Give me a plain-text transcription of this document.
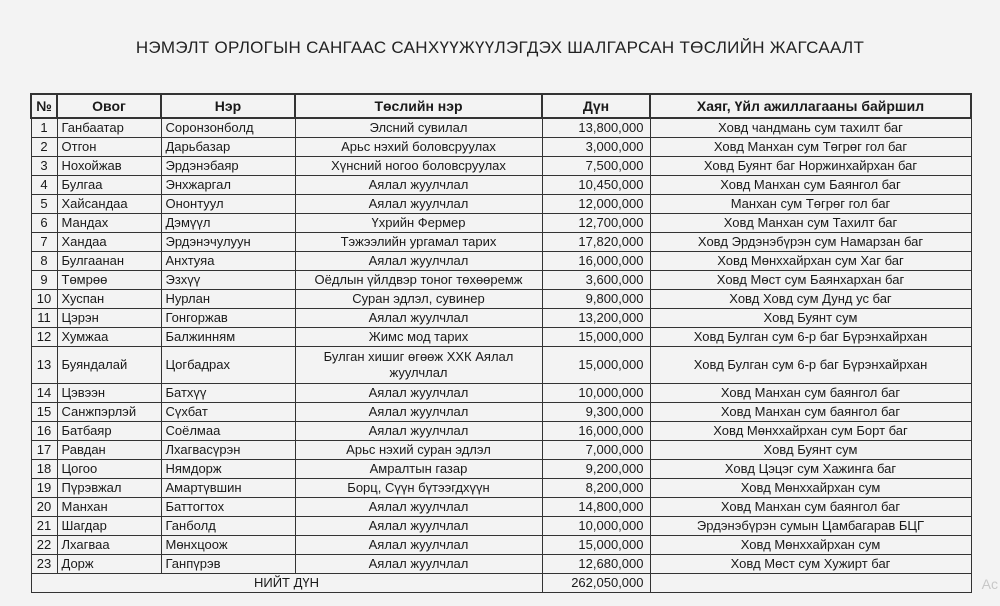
НЭМЭЛТ ОРЛОГЫН САНГААС САНХҮҮЖҮҮЛЭГДЭХ ШАЛГАРСАН ТӨСЛИЙН ЖАГСААЛТ
№	Овог	Нэр	Төслийн нэр	Дүн	Хаяг, Үйл ажиллагааны байршил
1	Ганбаатар	Соронзонболд	Элсний сувилал	13,800,000	Ховд чандмань сум тахилт баг
2	Отгон	Дарьбазар	Арьс нэхий боловсруулах	3,000,000	Ховд Манхан сум Төгрөг гол баг
3	Нохойжав	Эрдэнэбаяр	Хүнсний ногоо боловсруулах	7,500,000	Ховд Буянт баг Норжинхайрхан баг
4	Булгаа	Энхжаргал	Аялал жуулчлал	10,450,000	Ховд Манхан сум Баянгол баг
5	Хайсандаа	Ононтуул	Аялал жуулчлал	12,000,000	Манхан сум Төгрөг гол баг
6	Мандах	Дэмүүл	Үхрийн Фермер	12,700,000	Ховд Манхан сум Тахилт баг
7	Хандаа	Эрдэнэчулуун	Тэжээлийн ургамал тарих	17,820,000	Ховд Эрдэнэбүрэн сум Намарзан баг
8	Булгаанан	Анхтуяа	Аялал жуулчлал	16,000,000	Ховд Мөнххайрхан сум Хаг баг
9	Төмрөө	Эзхүү	Оёдлын үйлдвэр тоног төхөөремж	3,600,000	Ховд Мөст сум Баянхархан баг
10	Хуспан	Нурлан	Суран эдлэл, сувинер	9,800,000	Ховд Ховд сум Дунд ус баг
11	Цэрэн	Гонгоржав	Аялал жуулчлал	13,200,000	Ховд Буянт сум
12	Хумжаа	Балжинням	Жимс мод тарих	15,000,000	Ховд Булган сум 6-р баг Бүрэнхайрхан
13	Буяндалай	Цогбадрах	Булган хишиг өгөөж ХХК Аялал жуулчлал	15,000,000	Ховд Булган сум 6-р баг Бүрэнхайрхан
14	Цэвээн	Батхүү	Аялал жуулчлал	10,000,000	Ховд Манхан сум баянгол баг
15	Санжпэрлэй	Сүхбат	Аялал жуулчлал	9,300,000	Ховд Манхан сум баянгол баг
16	Батбаяр	Соёлмаа	Аялал жуулчлал	16,000,000	Ховд Мөнххайрхан сум Борт баг
17	Равдан	Лхагвасүрэн	Арьс нэхий суран эдлэл	7,000,000	Ховд Буянт сум
18	Цогоо	Нямдорж	Амралтын газар	9,200,000	Ховд Цэцэг сум Хажинга баг
19	Пүрэвжал	Амартүвшин	Борц, Сүүн бүтээгдхүүн	8,200,000	Ховд Мөнххайрхан сум
20	Манхан	Баттогтох	Аялал жуулчлал	14,800,000	Ховд Манхан сум баянгол баг
21	Шагдар	Ганболд	Аялал жуулчлал	10,000,000	Эрдэнэбүрэн сумын Цамбагарав БЦГ
22	Лхагваа	Мөнхцоож	Аялал жуулчлал	15,000,000	Ховд Мөнххайрхан сум
23	Дорж	Ганпүрэв	Аялал жуулчлал	12,680,000	Ховд Мөст сум Хужирт баг
НИЙТ ДҮН				262,050,000		Ac
